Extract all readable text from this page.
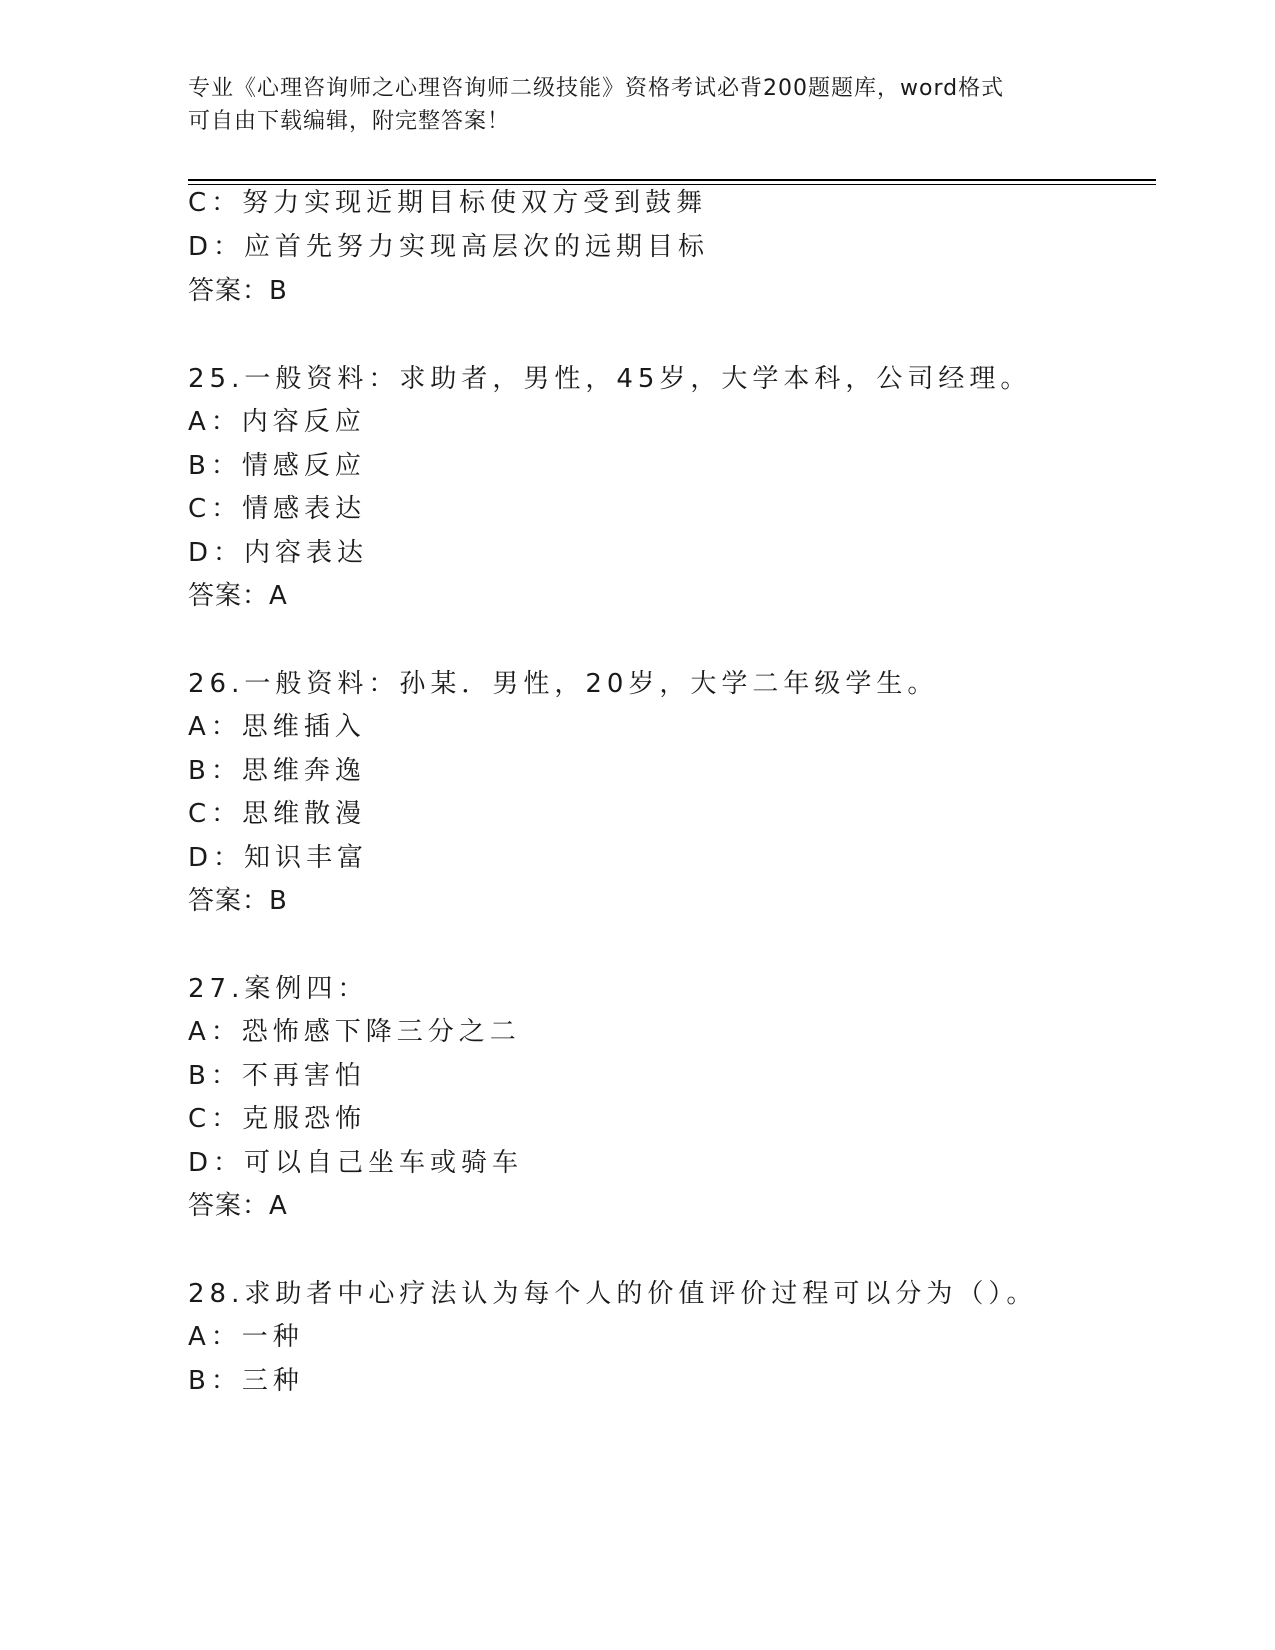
专业《心理咨询师之心理咨询师二级技能》资格考试必背200题题库，word格式
可自由下载编辑，附完整答案！
C：努力实现近期目标使双方受到鼓舞
D：应首先努力实现高层次的远期目标
答案：B
25.一般资料：求助者，男性，45岁，大学本科，公司经理。
A：内容反应
B：情感反应
C：情感表达
D：内容表达
答案：A
26.一般资料：孙某．男性，20岁，大学二年级学生。
A：思维插入
B：思维奔逸
C：思维散漫
D：知识丰富
答案：B
27.案例四：
A：恐怖感下降三分之二
B：不再害怕
C：克服恐怖
D：可以自己坐车或骑车
答案：A
28.求助者中心疗法认为每个人的价值评价过程可以分为（）。
A：一种
B：三种
